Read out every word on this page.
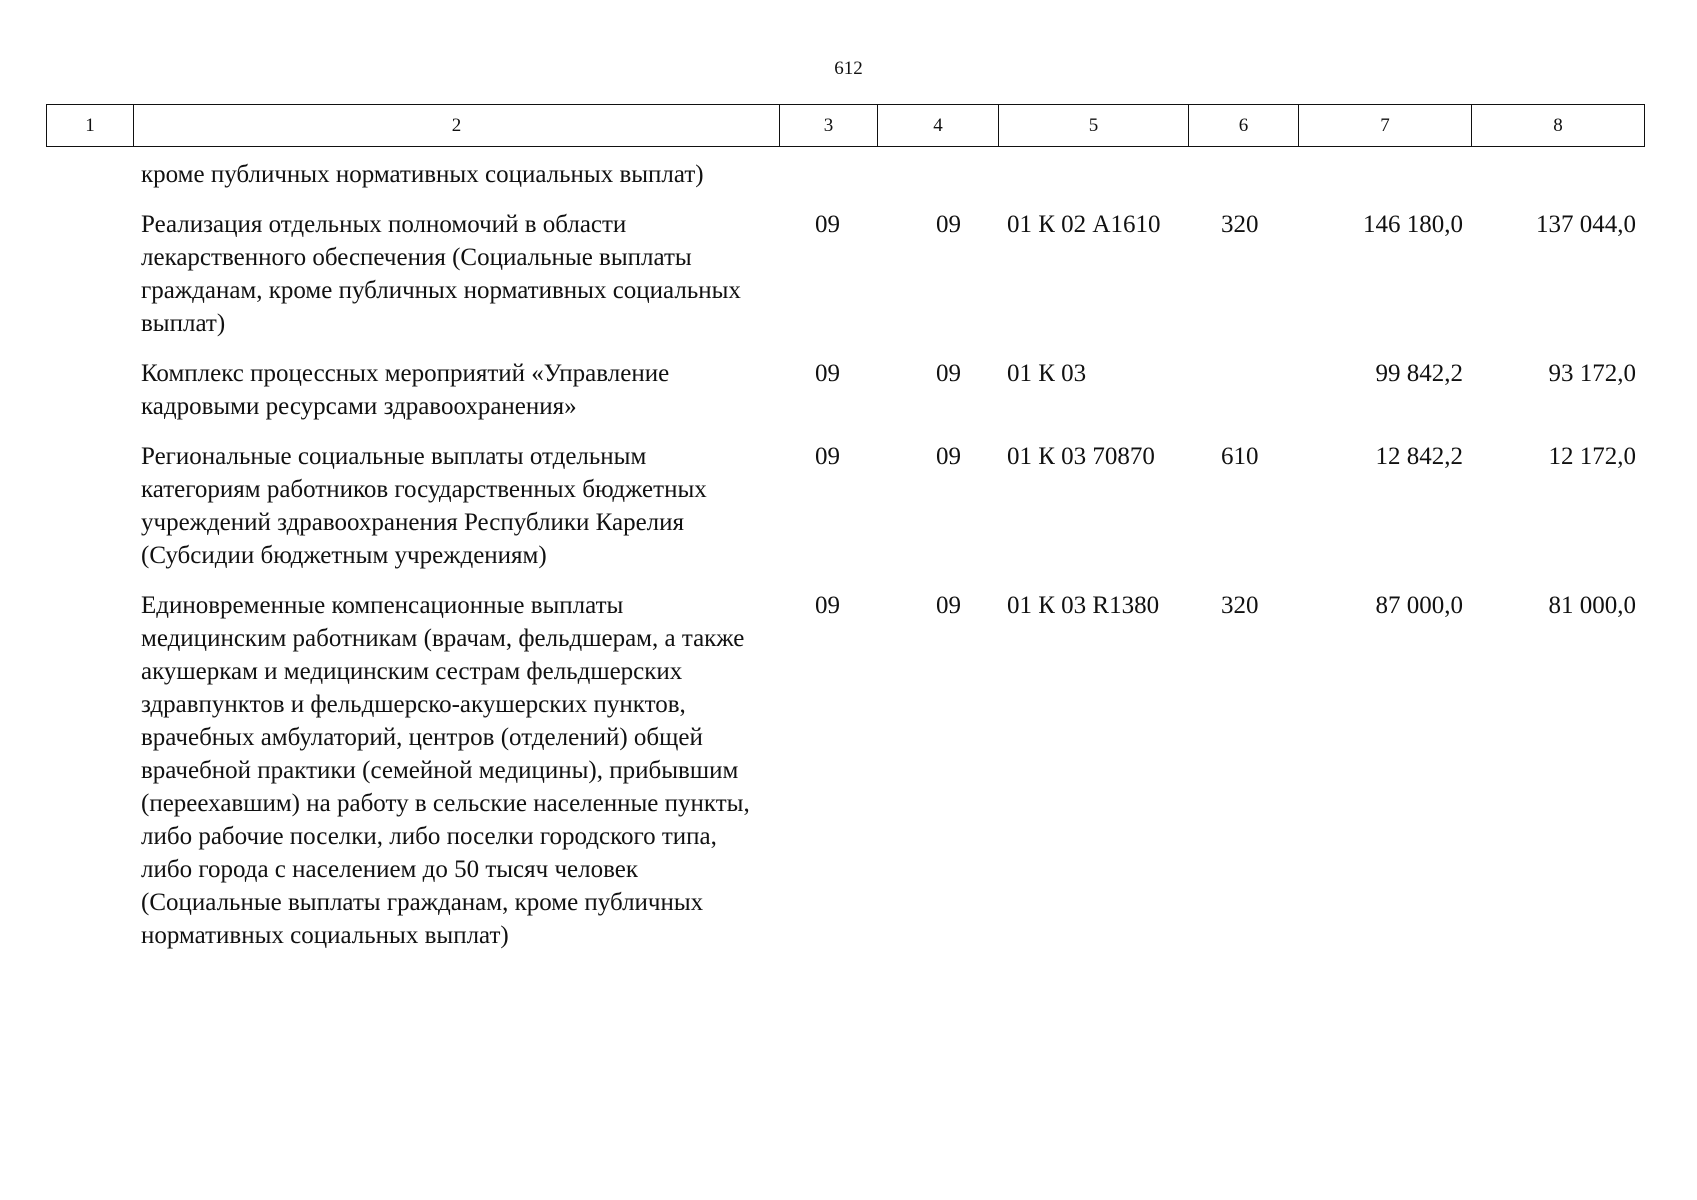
612
1	2	3	4	5	6	7	8
кроме публичных нормативных социальных выплат)						
Реализация отдельных полномочий в области лекарственного обеспечения (Социальные выплаты гражданам, кроме публичных нормативных социальных выплат)	09	09	01 К 02 А1610	320	146 180,0	137 044,0
Комплекс процессных мероприятий «Управление кадровыми ресурсами здравоохранения»	09	09	01 К 03		99 842,2	93 172,0
Региональные социальные выплаты отдельным категориям работников государственных бюджетных учреждений здравоохранения Республики Карелия (Субсидии бюджетным учреждениям)	09	09	01 К 03 70870	610	12 842,2	12 172,0
Единовременные компенсационные выплаты медицинским работникам (врачам, фельдшерам, а также акушеркам и медицинским сестрам фельдшерских здравпунктов и фельдшерско-акушерских пунктов, врачебных амбулаторий, центров (отделений) общей врачебной практики (семейной медицины), прибывшим (переехавшим) на работу в сельские населенные пункты, либо рабочие поселки, либо поселки городского типа, либо города с населением до 50 тысяч человек (Социальные выплаты гражданам, кроме публичных нормативных социальных выплат)	09	09	01 К 03 R1380	320	87 000,0	81 000,0
